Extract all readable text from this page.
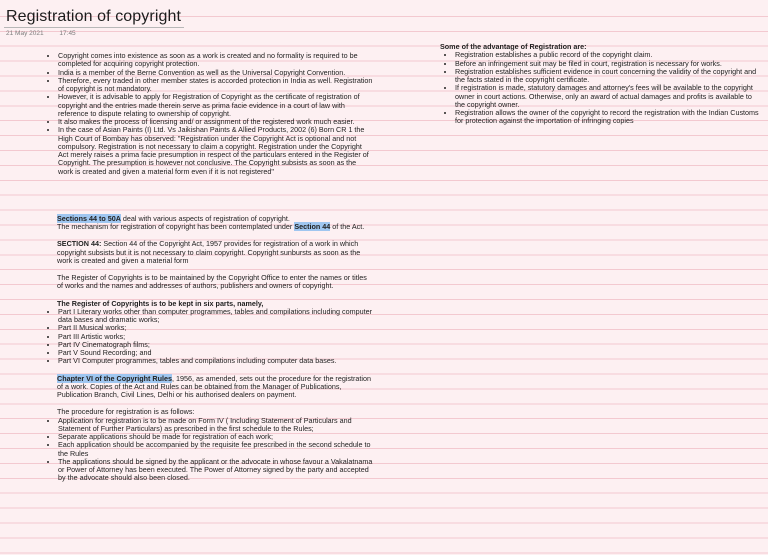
Registration of copyright
21 May 2021 17:45
• Copyright comes into existence as soon as a work is created and no formality is required to be completed for acquiring copyright protection.
• India is a member of the Berne Convention as well as the Universal Copyright Convention.
• Therefore, every traded in other member states is accorded protection in India as well. Registration of copyright is not mandatory.
• However, it is advisable to apply for Registration of Copyright as the certificate of registration of copyright and the entries made therein serve as prima facie evidence in a court of law with reference to dispute relating to ownership of copyright.
• It also makes the process of licensing and/ or assignment of the registered work much easier.
• In the case of Asian Paints (I) Ltd. Vs Jaikishan Paints & Allied Products, 2002 (6) Born CR 1 the High Court of Bombay has observed: "Registration under the Copyright Act is optional and not compulsory. Registration is not necessary to claim a copyright. Registration under the Copyright Act merely raises a prima facie presumption in respect of the particulars entered in the Register of Copyright. The presumption is however not conclusive. The Copyright subsists as soon as the work is created and given a material form even if it is not registered"
Sections 44 to 50A deal with various aspects of registration of copyright.
The mechanism for registration of copyright has been contemplated under Section 44 of the Act.
SECTION 44: Section 44 of the Copyright Act, 1957 provides for registration of a work in which copyright subsists but it is not necessary to claim copyright. Copyright sunbursts as soon as the work is created and given a material form
The Register of Copyrights is to be maintained by the Copyright Office to enter the names or titles of works and the names and addresses of authors, publishers and owners of copyright.
The Register of Copyrights is to be kept in six parts, namely,
• Part I Literary works other than computer programmes, tables and compilations including computer data bases and dramatic works;
• Part II Musical works;
• Part III Artistic works;
• Part IV Cinematograph films;
• Part V Sound Recording; and
• Part VI Computer programmes, tables and compilations including computer data bases.
Chapter VI of the Copyright Rules, 1956, as amended, sets out the procedure for the registration of a work. Copies of the Act and Rules can be obtained from the Manager of Publications, Publication Branch, Civil Lines, Delhi or his authorised dealers on payment.
The procedure for registration is as follows:
• Application for registration is to be made on Form IV ( Including Statement of Particulars and Statement of Further Particulars) as prescribed in the first schedule to the Rules;
• Separate applications should be made for registration of each work;
• Each application should be accompanied by the requisite fee prescribed in the second schedule to the Rules
• The applications should be signed by the applicant or the advocate in whose favour a Vakalatnama or Power of Attorney has been executed. The Power of Attorney signed by the party and accepted by the advocate should also been closed.
Some of the advantage of Registration are:
• Registration establishes a public record of the copyright claim.
• Before an infringement suit may be filed in court, registration is necessary for works.
• Registration establishes sufficient evidence in court concerning the validity of the copyright and the facts stated in the copyright certificate.
• If registration is made, statutory damages and attorney's fees will be available to the copyright owner in court actions. Otherwise, only an award of actual damages and profits is available to the copyright owner.
• Registration allows the owner of the copyright to record the registration with the Indian Customs for protection against the importation of infringing copies
